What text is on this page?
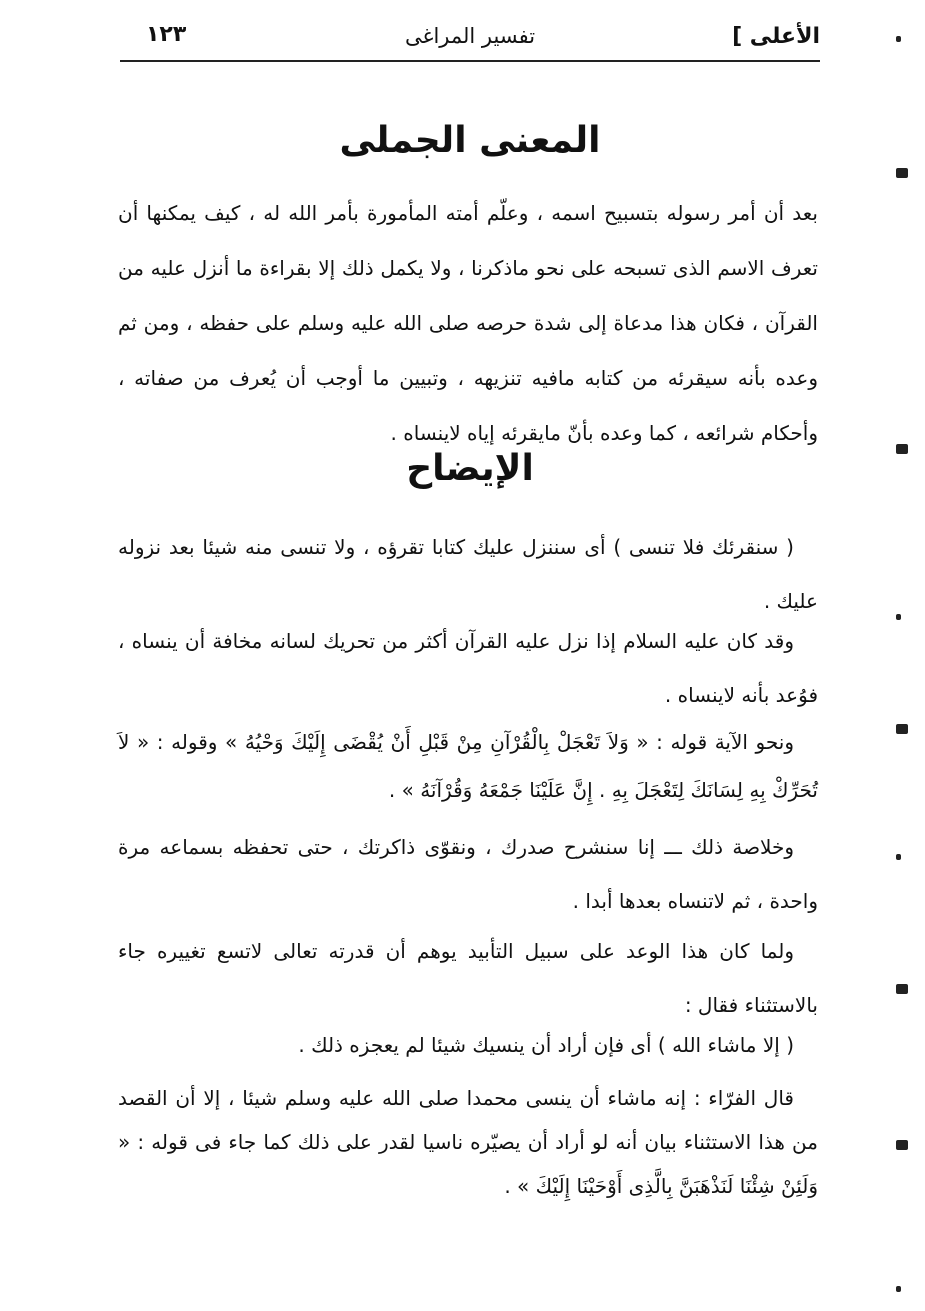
الأعلى ]
تفسير المراغى
١٢٣
المعنى الجملى
بعد أن أمر رسوله بتسبيح اسمه ، وعلّم أمته المأمورة بأمر الله له ، كيف يمكنها أن تعرف الاسم الذى تسبحه على نحو ماذكرنا ، ولا يكمل ذلك إلا بقراءة ما أنزل عليه من القرآن ، فكان هذا مدعاة إلى شدة حرصه صلى الله عليه وسلم على حفظه ، ومن ثم وعده بأنه سيقرئه من كتابه مافيه تنزيهه ، وتبيين ما أوجب أن يُعرف من صفاته ، وأحكام شرائعه ، كما وعده بأنّ مايقرئه إياه لاينساه .
الإيضاح
( سنقرئك فلا تنسى ) أى سننزل عليك كتابا تقرؤه ، ولا تنسى منه شيئا بعد نزوله عليك .
وقد كان عليه السلام إذا نزل عليه القرآن أكثر من تحريك لسانه مخافة أن ينساه ، فوُعد بأنه لاينساه .
ونحو الآية قوله : « وَلاَ تَعْجَلْ بِالْقُرْآنِ مِنْ قَبْلِ أَنْ يُقْضَى إِلَيْكَ وَحْيُهُ » وقوله : « لاَ تُحَرِّكْ بِهِ لِسَانَكَ لِتَعْجَلَ بِهِ . إِنَّ عَلَيْنَا جَمْعَهُ وَقُرْآنَهُ » .
وخلاصة ذلك ـــ إنا سنشرح صدرك ، ونقوّى ذاكرتك ، حتى تحفظه بسماعه مرة واحدة ، ثم لاتنساه بعدها أبدا .
ولما كان هذا الوعد على سبيل التأبيد يوهم أن قدرته تعالى لاتسع تغييره جاء بالاستثناء فقال :
( إلا ماشاء الله ) أى فإن أراد أن ينسيك شيئا لم يعجزه ذلك .
قال الفرّاء : إنه ماشاء أن ينسى محمدا صلى الله عليه وسلم شيئا ، إلا أن القصد من هذا الاستثناء بيان أنه لو أراد أن يصيّره ناسيا لقدر على ذلك كما جاء فى قوله : « وَلَئِنْ شِئْنَا لَنَذْهَبَنَّ بِالَّذِى أَوْحَيْنَا إِلَيْكَ » .
